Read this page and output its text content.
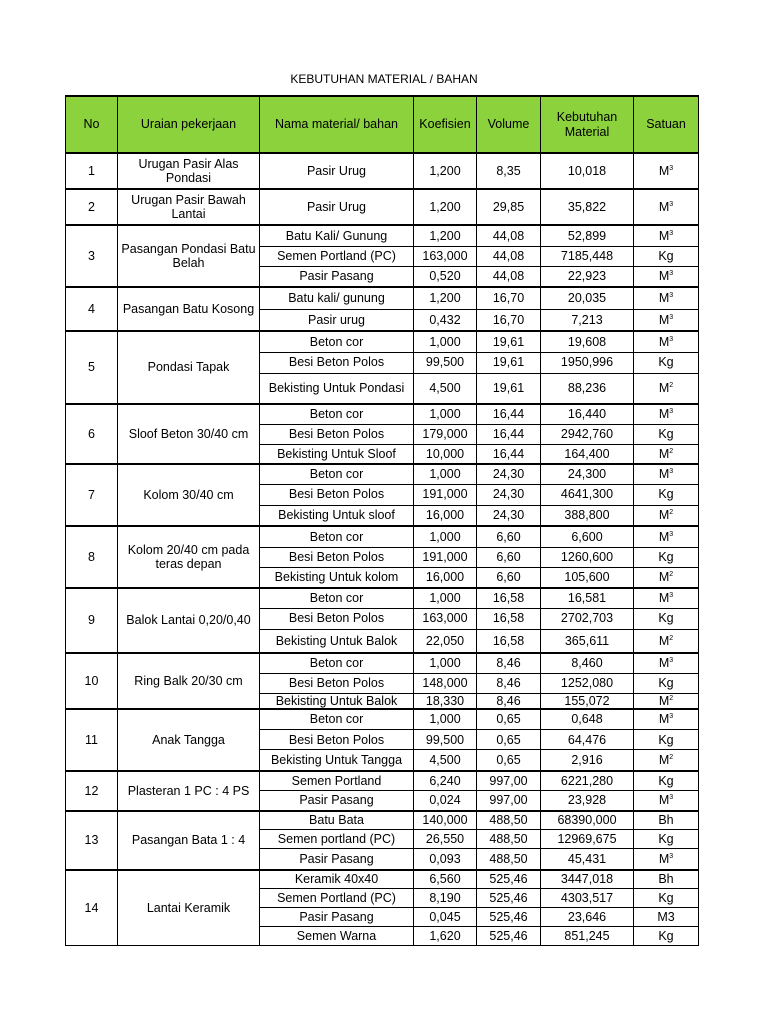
KEBUTUHAN MATERIAL / BAHAN
No	Uraian pekerjaan	Nama material/ bahan	Koefisien	Volume	Kebutuhan Material	Satuan
1	Urugan Pasir Alas Pondasi	Pasir Urug	1,200	8,35	10,018	$M^3$
2	Urugan Pasir Bawah Lantai	Pasir Urug	1,200	29,85	35,822	$M^3$
3	Pasangan Pondasi Batu Belah	Batu Kali/ Gunung	1,200	44,08	52,899	$M^3$
		Semen Portland (PC)	163,000	44,08	7185,448	Kg
		Pasir Pasang	0,520	44,08	22,923	$M^3$
4	Pasangan Batu Kosong	Batu kali/ gunung	1,200	16,70	20,035	$M^3$
		Pasir urug	0,432	16,70	7,213	$M^3$
5	Pondasi Tapak	Beton cor	1,000	19,61	19,608	$M^3$
		Besi Beton Polos	99,500	19,61	1950,996	Kg
		Bekisting Untuk Pondasi	4,500	19,61	88,236	$M^2$
6	Sloof Beton 30/40 cm	Beton cor	1,000	16,44	16,440	$M^3$
		Besi Beton Polos	179,000	16,44	2942,760	Kg
		Bekisting Untuk Sloof	10,000	16,44	164,400	$M^2$
7	Kolom 30/40 cm	Beton cor	1,000	24,30	24,300	$M^3$
		Besi Beton Polos	191,000	24,30	4641,300	Kg
		Bekisting Untuk sloof	16,000	24,30	388,800	$M^2$
8	Kolom 20/40 cm pada teras depan	Beton cor	1,000	6,60	6,600	$M^3$
		Besi Beton Polos	191,000	6,60	1260,600	Kg
		Bekisting Untuk kolom	16,000	6,60	105,600	$M^2$
9	Balok Lantai 0,20/0,40	Beton cor	1,000	16,58	16,581	$M^3$
		Besi Beton Polos	163,000	16,58	2702,703	Kg
		Bekisting Untuk Balok	22,050	16,58	365,611	$M^2$
10	Ring Balk 20/30 cm	Beton cor	1,000	8,46	8,460	$M^3$
		Besi Beton Polos	148,000	8,46	1252,080	Kg
		Bekisting Untuk Balok	18,330	8,46	155,072	$M^2$
11	Anak Tangga	Beton cor	1,000	0,65	0,648	$M^3$
		Besi Beton Polos	99,500	0,65	64,476	Kg
		Bekisting Untuk Tangga	4,500	0,65	2,916	$M^2$
12	Plasteran 1 PC : 4 PS	Semen Portland	6,240	997,00	6221,280	Kg
		Pasir Pasang	0,024	997,00	23,928	$M^3$
13	Pasangan Bata 1 : 4	Batu Bata	140,000	488,50	68390,000	Bh
		Semen portland (PC)	26,550	488,50	12969,675	Kg
		Pasir Pasang	0,093	488,50	45,431	$M^3$
14	Lantai Keramik	Keramik 40x40	6,560	525,46	3447,018	Bh
		Semen Portland (PC)	8,190	525,46	4303,517	Kg
		Pasir Pasang	0,045	525,46	23,646	M3
		Semen Warna	1,620	525,46	851,245	Kg
